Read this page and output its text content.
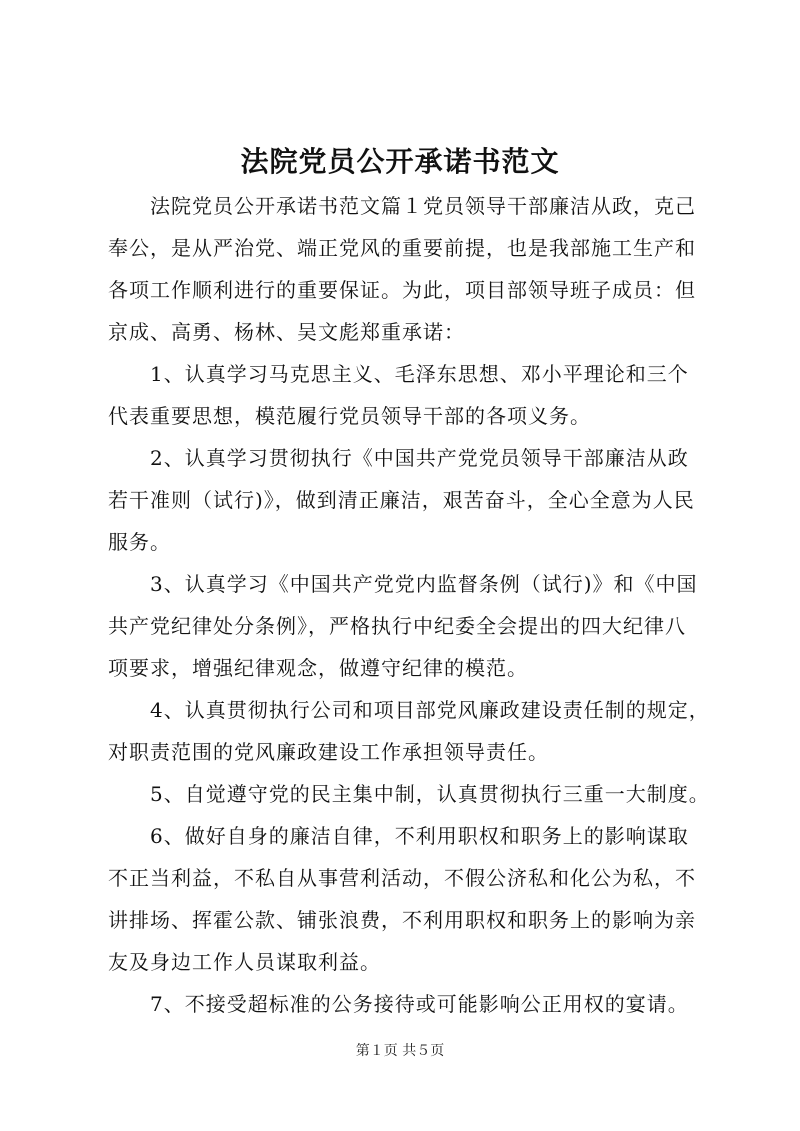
法院党员公开承诺书范文

法院党员公开承诺书范文篇１党员领导干部廉洁从政，克己
奉公，是从严治党、端正党风的重要前提，也是我部施工生产和
各项工作顺利进行的重要保证。为此，项目部领导班子成员：但
京成、高勇、杨林、吴文彪郑重承诺：

1、认真学习马克思主义、毛泽东思想、邓小平理论和三个
代表重要思想，模范履行党员领导干部的各项义务。

2、认真学习贯彻执行《中国共产党党员领导干部廉洁从政
若干准则（试行)》，做到清正廉洁，艰苦奋斗，全心全意为人民
服务。

3、认真学习《中国共产党党内监督条例（试行)》和《中国
共产党纪律处分条例》，严格执行中纪委全会提出的四大纪律八
项要求，增强纪律观念，做遵守纪律的模范。

4、认真贯彻执行公司和项目部党风廉政建设责任制的规定，
对职责范围的党风廉政建设工作承担领导责任。

5、自觉遵守党的民主集中制，认真贯彻执行三重一大制度。

6、做好自身的廉洁自律，不利用职权和职务上的影响谋取
不正当利益，不私自从事营利活动，不假公济私和化公为私，不
讲排场、挥霍公款、铺张浪费，不利用职权和职务上的影响为亲
友及身边工作人员谋取利益。

7、不接受超标准的公务接待或可能影响公正用权的宴请。

第１页 共５页
